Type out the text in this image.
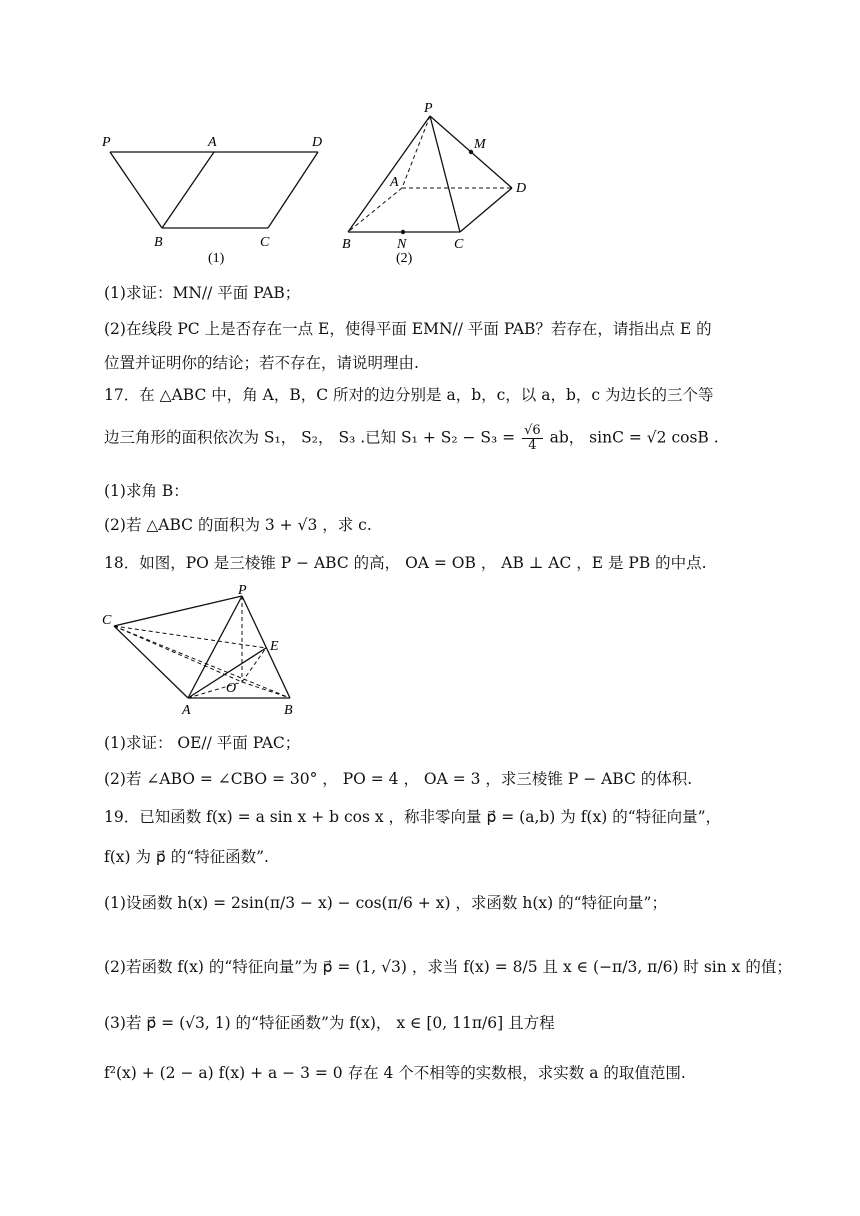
P	A	D
B	C
(1)
P
M
A	D
B	N	C
(2)
(1)求证：MN// 平面 PAB；
(2)在线段 PC 上是否存在一点 E，使得平面 EMN// 平面 PAB？若存在，请指出点 E 的
位置并证明你的结论；若不存在，请说明理由.
17．在 △ABC 中，角 A，B，C 所对的边分别是 a，b，c，以 a，b，c 为边长的三个等
边三角形的面积依次为 S₁， S₂， S₃ .已知 $S_1 + S_2 - S_3 = \frac{√6}{4}$ ab， sinC = √2 cosB .
(1)求角 B：
(2)若 △ABC 的面积为 3 + √3 ，求 c.
18．如图，PO 是三棱锥 P − ABC 的高， OA = OB ， AB ⊥ AC ，E 是 PB 的中点.
P
C
E
O
A	B
(1)求证： OE// 平面 PAC；
(2)若 ∠ABO = ∠CBO = 30° ， PO = 4 ， OA = 3 ，求三棱锥 P − ABC 的体积.
19．已知函数 f(x) = a sin x + b cos x ，称非零向量 p⃗ = (a,b) 为 f(x) 的“特征向量”，
f(x) 为 p⃗ 的“特征函数”.
(1)设函数 h(x) = 2sin(π/3 − x) − cos(π/6 + x) ，求函数 h(x) 的“特征向量”；
(2)若函数 f(x) 的“特征向量”为 p⃗ = (1, √3) ，求当 f(x) = 8/5 且 x ∈ (−π/3, π/6) 时 sin x 的值；
(3)若 p⃗ = (√3, 1) 的“特征函数”为 f(x)， x ∈ [0, 11π/6] 且方程
f²(x) + (2 − a) f(x) + a − 3 = 0 存在 4 个不相等的实数根，求实数 a 的取值范围.
